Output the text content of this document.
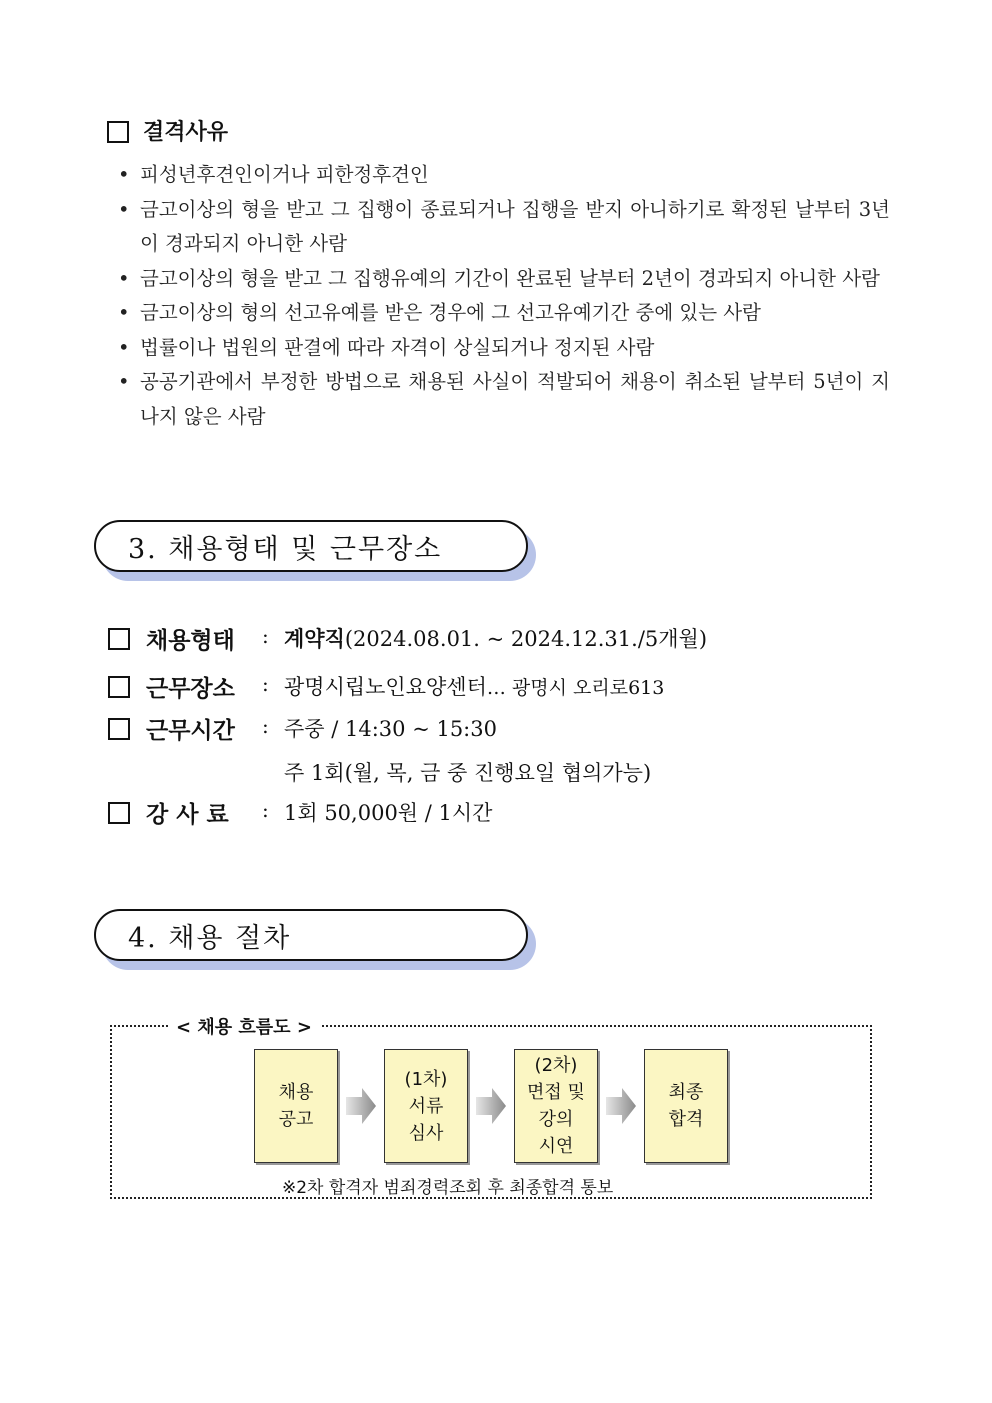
결격사유
• 피성년후견인이거나 피한정후견인
• 금고이상의 형을 받고 그 집행이 종료되거나 집행을 받지 아니하기로 확정된 날부터 3년이 경과되지 아니한 사람
• 금고이상의 형을 받고 그 집행유예의 기간이 완료된 날부터 2년이 경과되지 아니한 사람
• 금고이상의 형의 선고유예를 받은 경우에 그 선고유예기간 중에 있는 사람
• 법률이나 법원의 판결에 따라 자격이 상실되거나 정지된 사람
• 공공기관에서 부정한 방법으로 채용된 사실이 적발되어 채용이 취소된 날부터 5년이 지나지 않은 사람
3. 채용형태 및 근무장소
채용형태 : 계약직(2024.08.01. ~ 2024.12.31./5개월)
근무장소 : 광명시립노인요양센터… 광명시 오리로613
근무시간 : 주중 / 14:30 ~ 15:30
주 1회(월, 목, 금 중 진행요일 협의가능)
강 사 료 : 1회 50,000원 / 1시간
4. 채용 절차
< 채용 흐름도 >
채용
공고
(1차)
서류
심사
(2차)
면접 및
강의
시연
최종
합격
※2차 합격자 범죄경력조회 후 최종합격 통보
